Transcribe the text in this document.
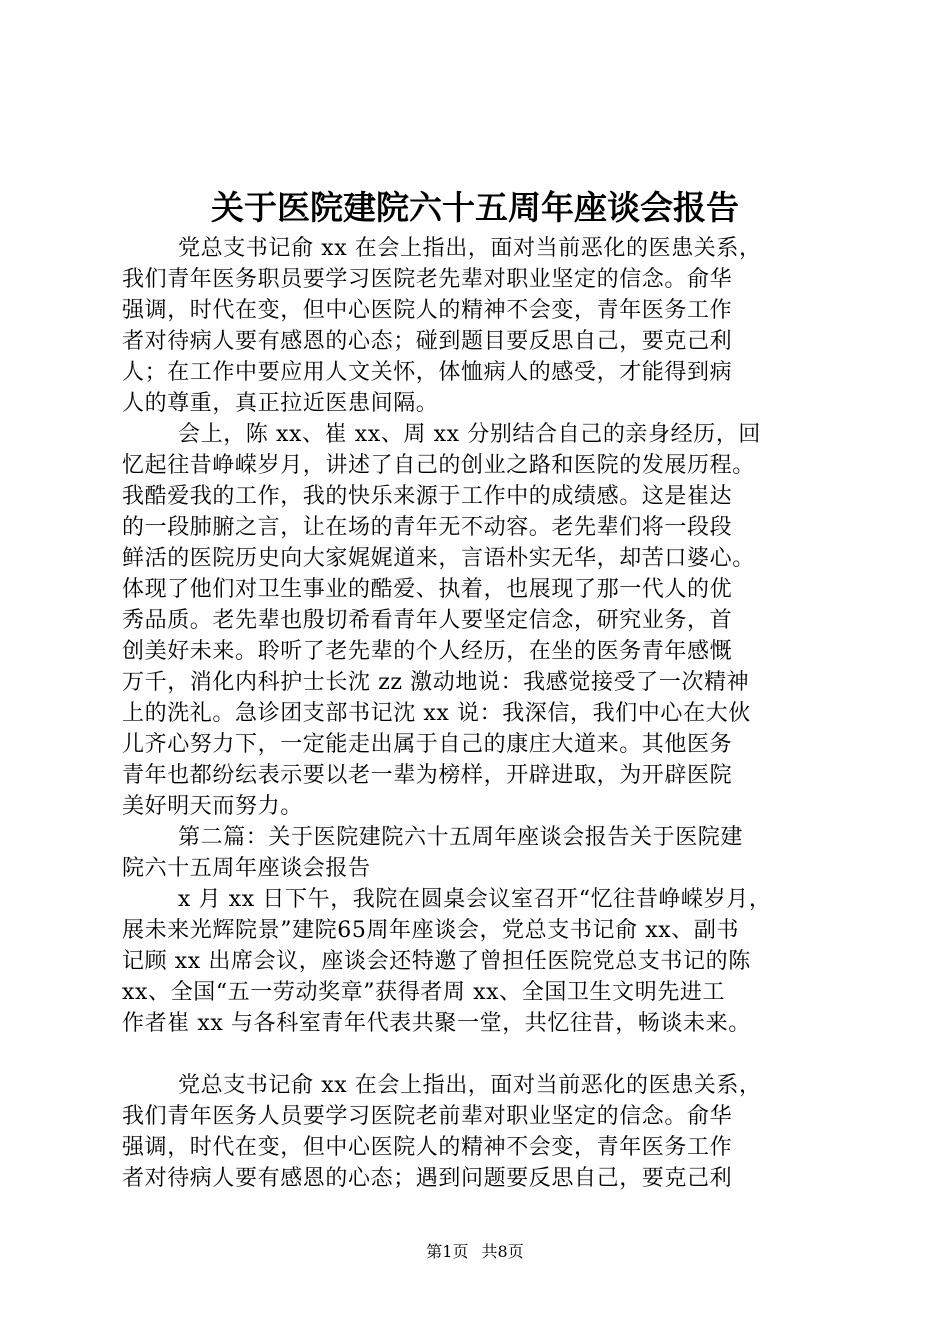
关于医院建院六十五周年座谈会报告
党总支书记俞 xx 在会上指出，面对当前恶化的医患关系，
我们青年医务职员要学习医院老先辈对职业坚定的信念。俞华
强调，时代在变，但中心医院人的精神不会变，青年医务工作
者对待病人要有感恩的心态；碰到题目要反思自己，要克己利
人；在工作中要应用人文关怀，体恤病人的感受，才能得到病
人的尊重，真正拉近医患间隔。
会上，陈 xx、崔 xx、周 xx 分别结合自己的亲身经历，回
忆起往昔峥嵘岁月，讲述了自己的创业之路和医院的发展历程。
我酷爱我的工作，我的快乐来源于工作中的成绩感。这是崔达
的一段肺腑之言，让在场的青年无不动容。老先辈们将一段段
鲜活的医院历史向大家娓娓道来，言语朴实无华，却苦口婆心。
体现了他们对卫生事业的酷爱、执着，也展现了那一代人的优
秀品质。老先辈也殷切希看青年人要坚定信念，研究业务，首
创美好未来。聆听了老先辈的个人经历，在坐的医务青年感慨
万千，消化内科护士长沈 zz 激动地说：我感觉接受了一次精神
上的洗礼。急诊团支部书记沈 xx 说：我深信，我们中心在大伙
儿齐心努力下，一定能走出属于自己的康庄大道来。其他医务
青年也都纷纭表示要以老一辈为榜样，开辟进取，为开辟医院
美好明天而努力。
第二篇：关于医院建院六十五周年座谈会报告关于医院建
院六十五周年座谈会报告
x 月 xx 日下午，我院在圆桌会议室召开“忆往昔峥嵘岁月，
展未来光辉院景”建院65周年座谈会，党总支书记俞 xx、副书
记顾 xx 出席会议，座谈会还特邀了曾担任医院党总支书记的陈
xx、全国“五一劳动奖章”获得者周 xx、全国卫生文明先进工
作者崔 xx 与各科室青年代表共聚一堂，共忆往昔，畅谈未来。
党总支书记俞 xx 在会上指出，面对当前恶化的医患关系，
我们青年医务人员要学习医院老前辈对职业坚定的信念。俞华
强调，时代在变，但中心医院人的精神不会变，青年医务工作
者对待病人要有感恩的心态；遇到问题要反思自己，要克己利
第1页 共8页
